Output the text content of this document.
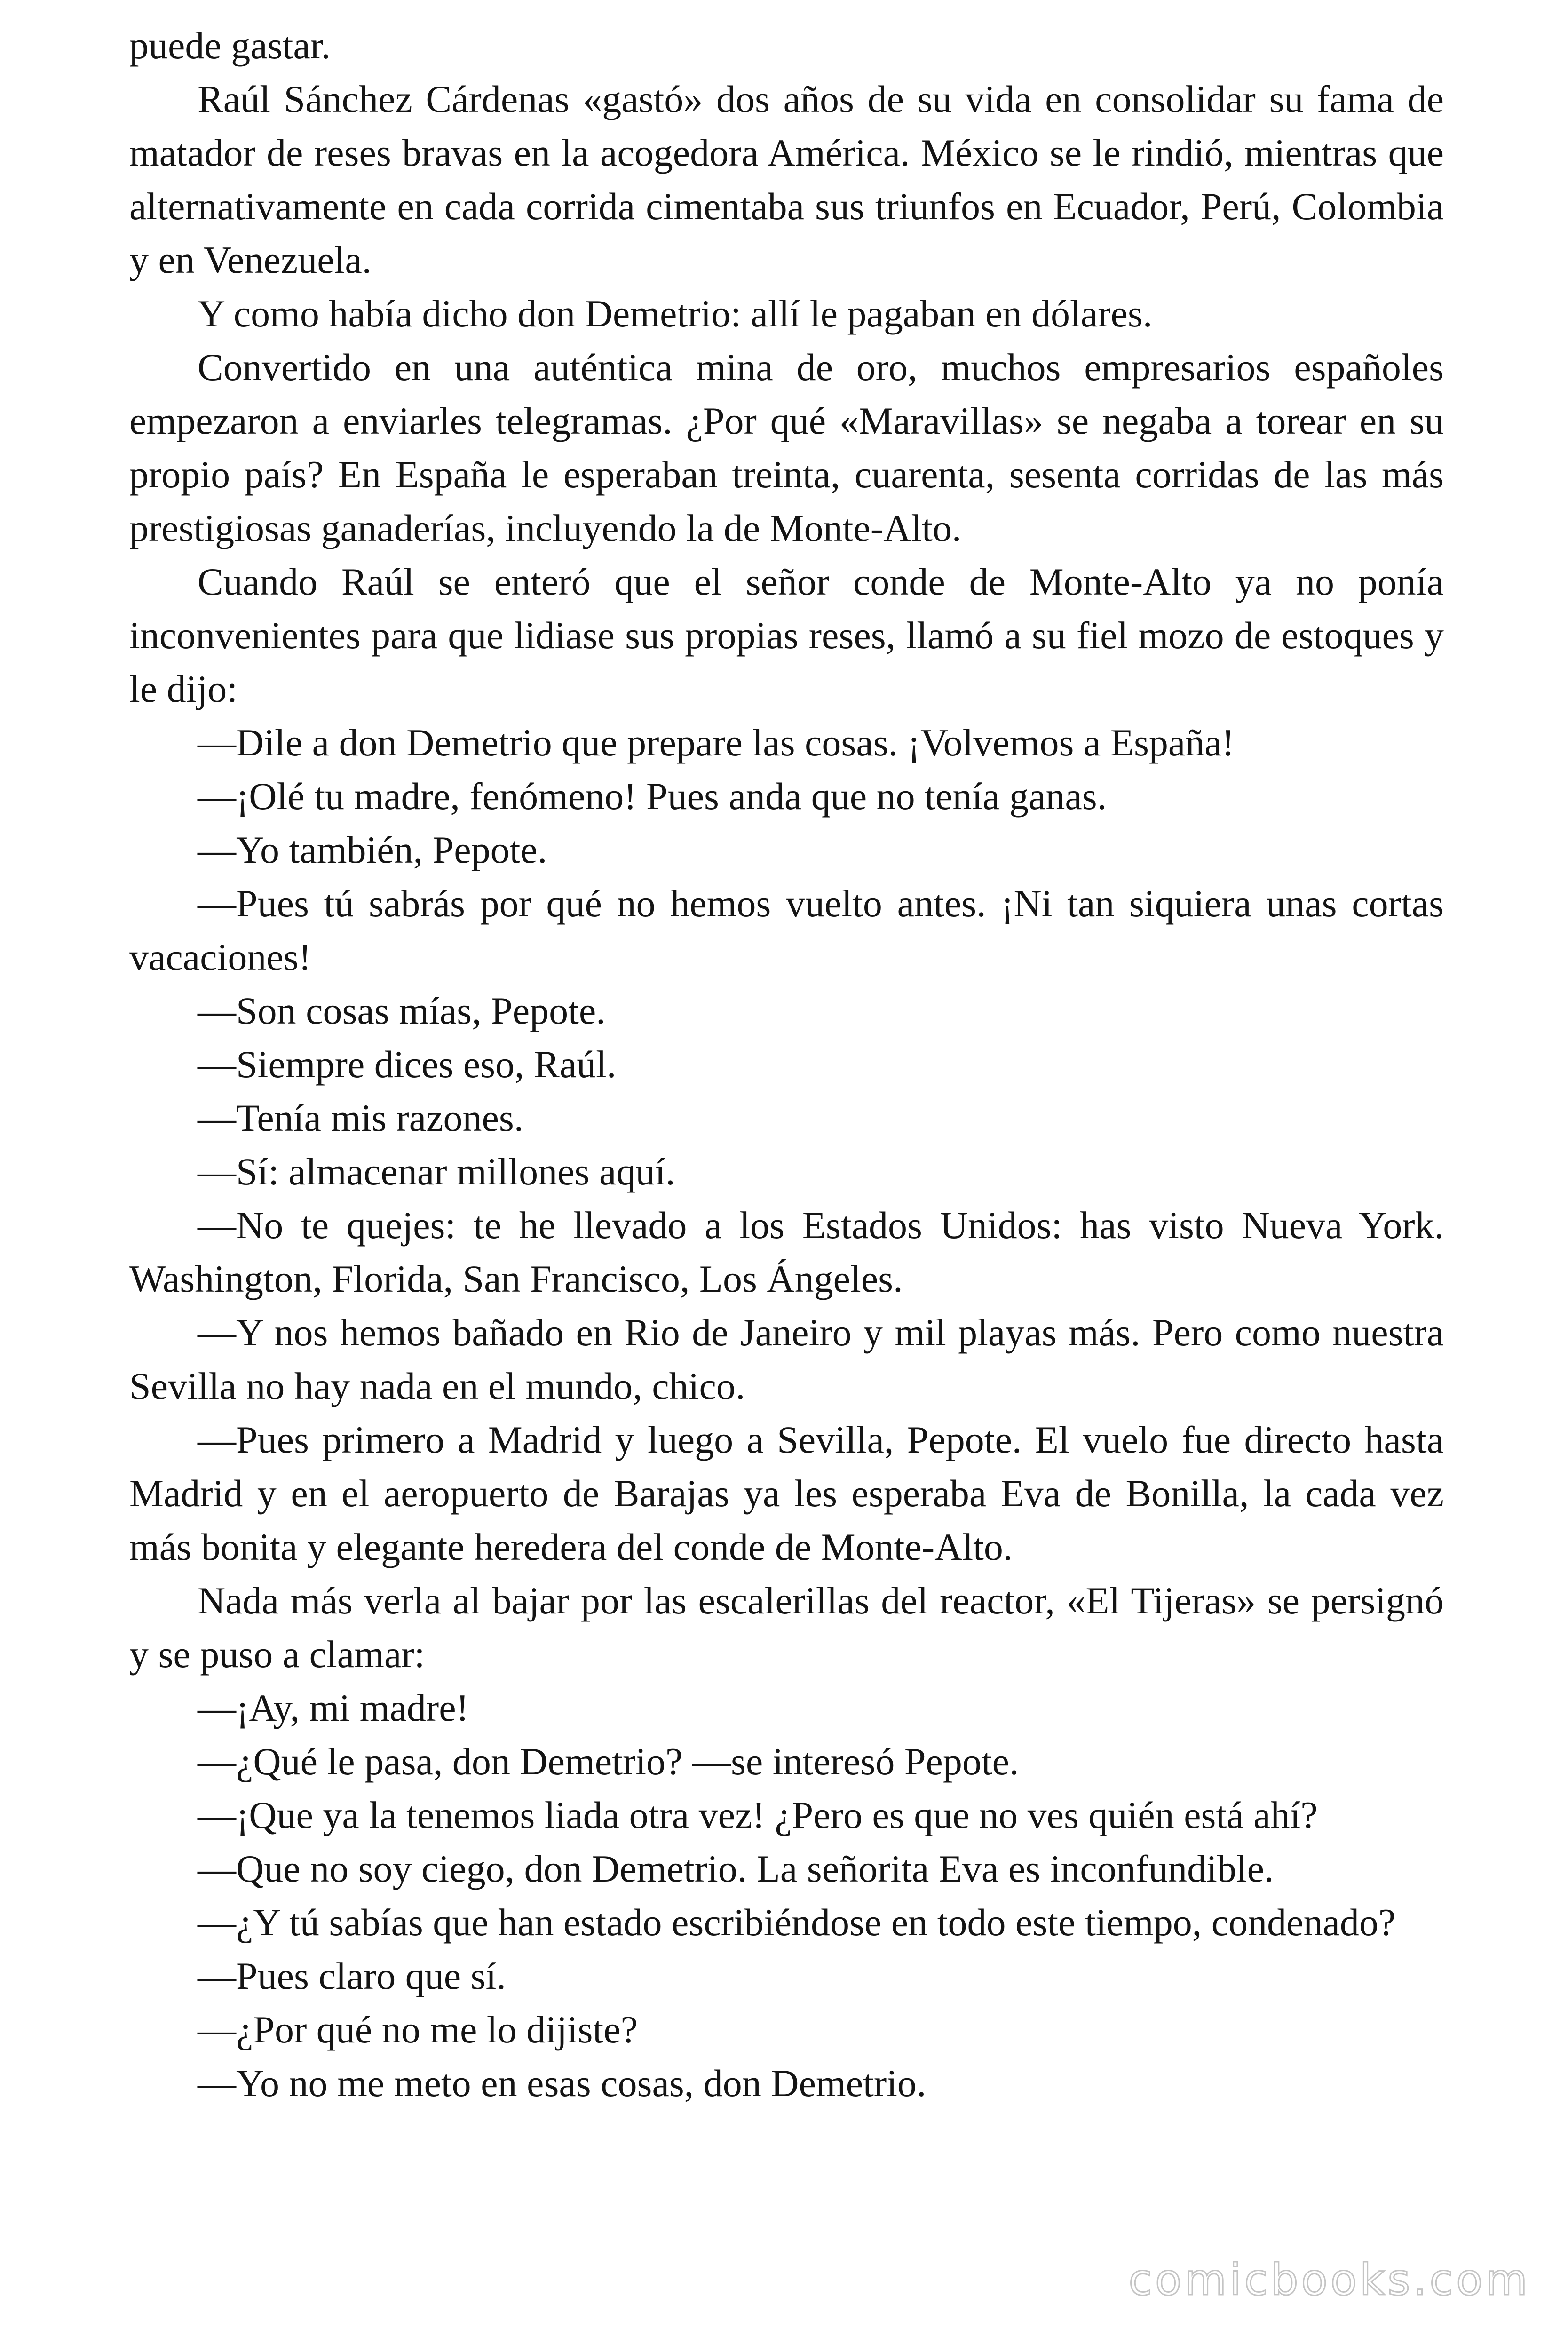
puede gastar.

Raúl Sánchez Cárdenas «gastó» dos años de su vida en consolidar su fama de matador de reses bravas en la acogedora América. México se le rindió, mientras que alternativamente en cada corrida cimentaba sus triunfos en Ecuador, Perú, Colombia y en Venezuela.

Y como había dicho don Demetrio: allí le pagaban en dólares.

Convertido en una auténtica mina de oro, muchos empresarios españoles empezaron a enviarles telegramas. ¿Por qué «Maravillas» se negaba a torear en su propio país? En España le esperaban treinta, cuarenta, sesenta corridas de las más prestigiosas ganaderías, incluyendo la de Monte-Alto.

Cuando Raúl se enteró que el señor conde de Monte-Alto ya no ponía inconvenientes para que lidiase sus propias reses, llamó a su fiel mozo de estoques y le dijo:

—Dile a don Demetrio que prepare las cosas. ¡Volvemos a España!

—¡Olé tu madre, fenómeno! Pues anda que no tenía ganas.

—Yo también, Pepote.

—Pues tú sabrás por qué no hemos vuelto antes. ¡Ni tan siquiera unas cortas vacaciones!

—Son cosas mías, Pepote.

—Siempre dices eso, Raúl.

—Tenía mis razones.

—Sí: almacenar millones aquí.

—No te quejes: te he llevado a los Estados Unidos: has visto Nueva York. Washington, Florida, San Francisco, Los Ángeles.

—Y nos hemos bañado en Rio de Janeiro y mil playas más. Pero como nuestra Sevilla no hay nada en el mundo, chico.

—Pues primero a Madrid y luego a Sevilla, Pepote. El vuelo fue directo hasta Madrid y en el aeropuerto de Barajas ya les esperaba Eva de Bonilla, la cada vez más bonita y elegante heredera del conde de Monte-Alto.

Nada más verla al bajar por las escalerillas del reactor, «El Tijeras» se persignó y se puso a clamar:

—¡Ay, mi madre!

—¿Qué le pasa, don Demetrio? —se interesó Pepote.

—¡Que ya la tenemos liada otra vez! ¿Pero es que no ves quién está ahí?

—Que no soy ciego, don Demetrio. La señorita Eva es inconfundible.

—¿Y tú sabías que han estado escribiéndose en todo este tiempo, condenado?

—Pues claro que sí.

—¿Por qué no me lo dijiste?

—Yo no me meto en esas cosas, don Demetrio.

comicbooks.com
